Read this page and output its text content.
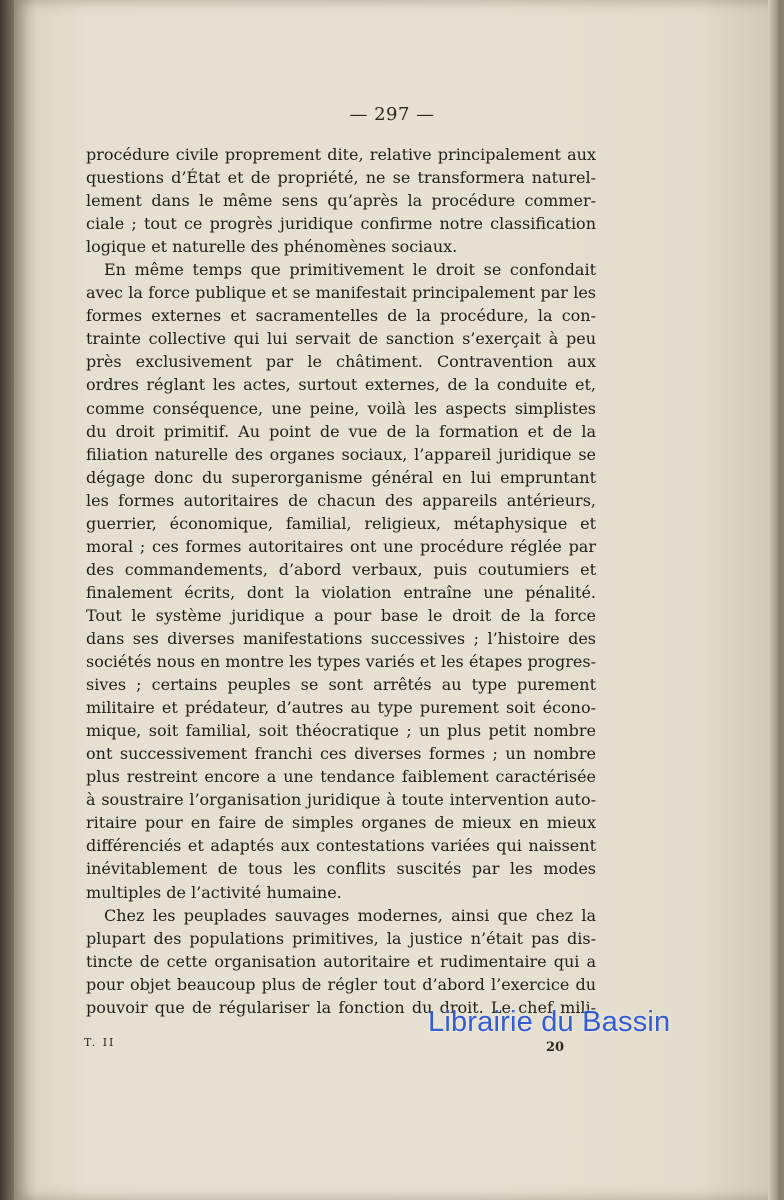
— 297 —
procédure civile proprement dite, relative principalement aux
questions d’État et de propriété, ne se transformera naturel-
lement dans le même sens qu’après la procédure commer-
ciale ; tout ce progrès juridique confirme notre classification
logique et naturelle des phénomènes sociaux.
En même temps que primitivement le droit se confondait
avec la force publique et se manifestait principalement par les
formes externes et sacramentelles de la procédure, la con-
trainte collective qui lui servait de sanction s’exerçait à peu
près exclusivement par le châtiment. Contravention aux
ordres réglant les actes, surtout externes, de la conduite et,
comme conséquence, une peine, voilà les aspects simplistes
du droit primitif. Au point de vue de la formation et de la
filiation naturelle des organes sociaux, l’appareil juridique se
dégage donc du superorganisme général en lui empruntant
les formes autoritaires de chacun des appareils antérieurs,
guerrier, économique, familial, religieux, métaphysique et
moral ; ces formes autoritaires ont une procédure réglée par
des commandements, d’abord verbaux, puis coutumiers et
finalement écrits, dont la violation entraîne une pénalité.
Tout le système juridique a pour base le droit de la force
dans ses diverses manifestations successives ; l’histoire des
sociétés nous en montre les types variés et les étapes progres-
sives ; certains peuples se sont arrêtés au type purement
militaire et prédateur, d’autres au type purement soit écono-
mique, soit familial, soit théocratique ; un plus petit nombre
ont successivement franchi ces diverses formes ; un nombre
plus restreint encore a une tendance faiblement caractérisée
à soustraire l’organisation juridique à toute intervention auto-
ritaire pour en faire de simples organes de mieux en mieux
différenciés et adaptés aux contestations variées qui naissent
inévitablement de tous les conflits suscités par les modes
multiples de l’activité humaine.
Chez les peuplades sauvages modernes, ainsi que chez la
plupart des populations primitives, la justice n’était pas dis-
tincte de cette organisation autoritaire et rudimentaire qui a
pour objet beaucoup plus de régler tout d’abord l’exercice du
pouvoir que de régulariser la fonction du droit. Le chef mili-
T. II	20
Librairie du Bassin
